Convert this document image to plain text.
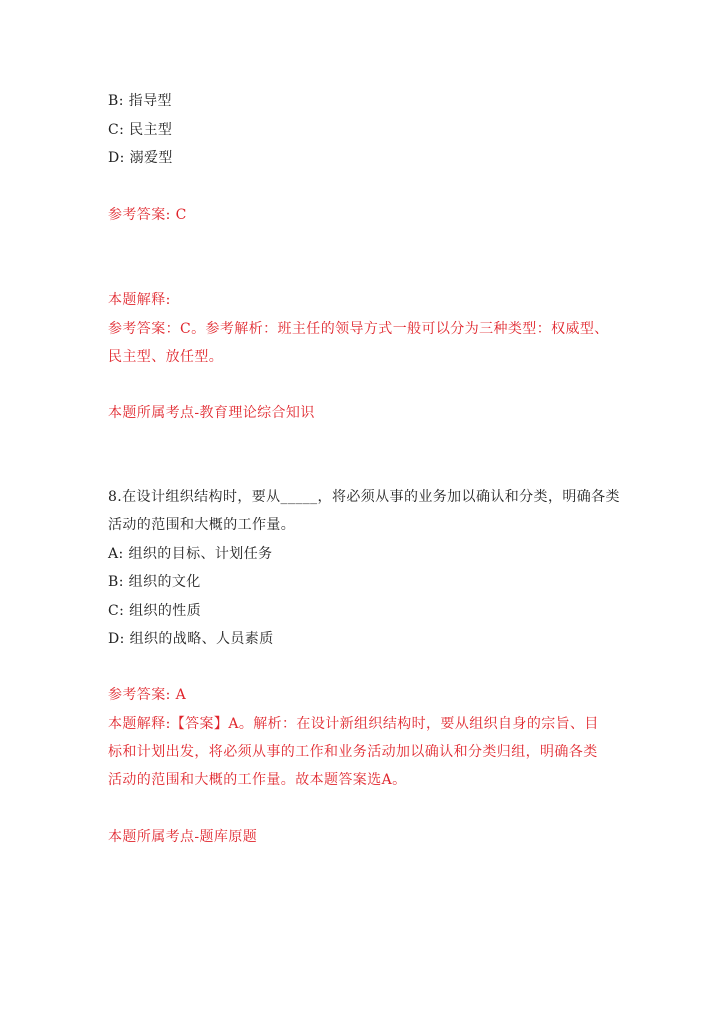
B: 指导型
C: 民主型
D: 溺爱型
参考答案: C
本题解释:
参考答案：C。参考解析：班主任的领导方式一般可以分为三种类型：权威型、
民主型、放任型。
本题所属考点-教育理论综合知识
8.在设计组织结构时，要从_____，将必须从事的业务加以确认和分类，明确各类
活动的范围和大概的工作量。
A: 组织的目标、计划任务
B: 组织的文化
C: 组织的性质
D: 组织的战略、人员素质
参考答案: A
本题解释:【答案】A。解析：在设计新组织结构时，要从组织自身的宗旨、目
标和计划出发，将必须从事的工作和业务活动加以确认和分类归组，明确各类
活动的范围和大概的工作量。故本题答案选A。
本题所属考点-题库原题
